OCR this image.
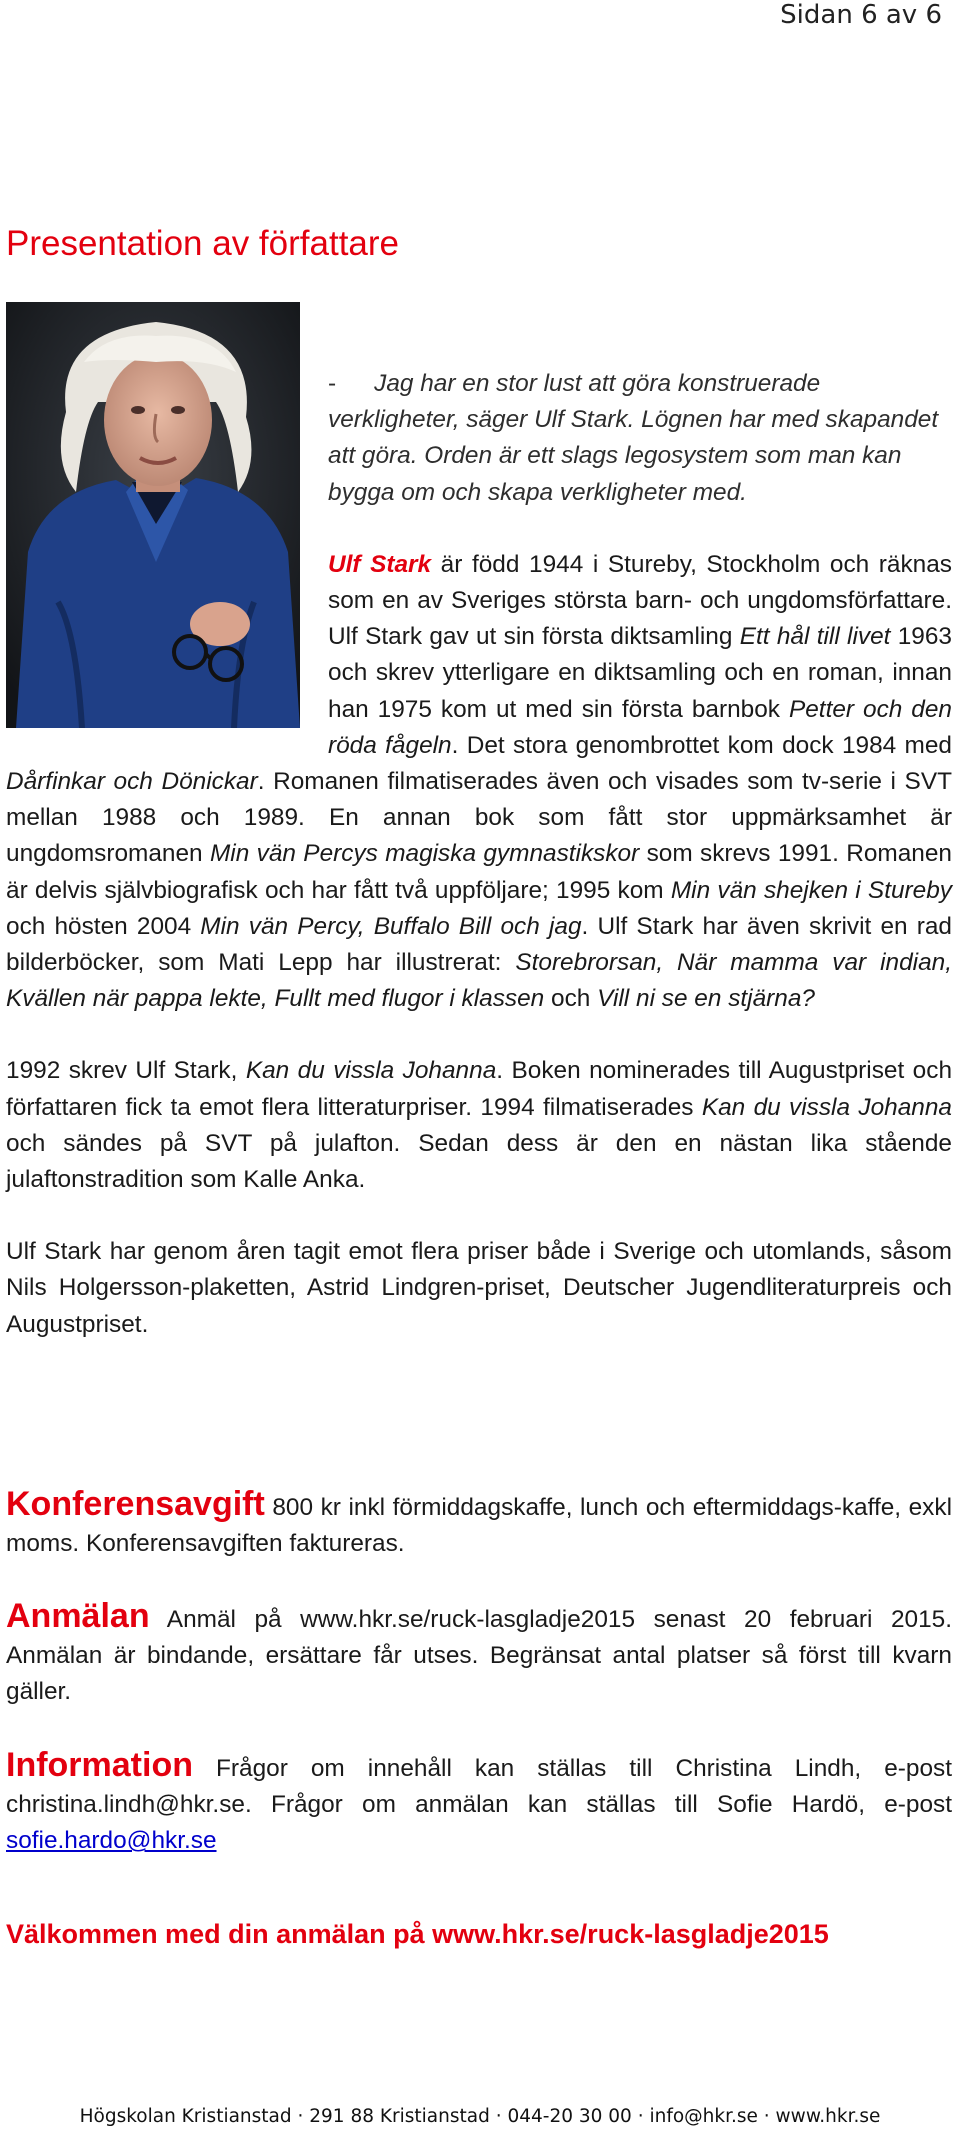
Sidan 6 av 6
Presentation av författare
- Jag har en stor lust att göra konstruerade verkligheter, säger Ulf Stark. Lögnen har med skapandet att göra. Orden är ett slags legosystem som man kan bygga om och skapa verkligheter med.

Ulf Stark är född 1944 i Stureby, Stockholm och räknas som en av Sveriges största barn- och ungdomsförfattare. Ulf Stark gav ut sin första diktsamling Ett hål till livet 1963 och skrev ytterligare en diktsamling och en roman, innan han 1975 kom ut med sin första barnbok Petter och den röda fågeln. Det stora genombrottet kom dock 1984 med Dårfinkar och Dönickar. Romanen filmatiserades även och visades som tv-serie i SVT mellan 1988 och 1989. En annan bok som fått stor uppmärksamhet är ungdomsromanen Min vän Percys magiska gymnastikskor som skrevs 1991. Romanen är delvis självbiografisk och har fått två uppföljare; 1995 kom Min vän shejken i Stureby och hösten 2004 Min vän Percy, Buffalo Bill och jag. Ulf Stark har även skrivit en rad bilderböcker, som Mati Lepp har illustrerat: Storebrorsan, När mamma var indian, Kvällen när pappa lekte, Fullt med flugor i klassen och Vill ni se en stjärna?

1992 skrev Ulf Stark, Kan du vissla Johanna. Boken nominerades till Augustpriset och författaren fick ta emot flera litteraturpriser. 1994 filmatiserades Kan du vissla Johanna och sändes på SVT på julafton. Sedan dess är den en nästan lika stående julaftonstradition som Kalle Anka.

Ulf Stark har genom åren tagit emot flera priser både i Sverige och utomlands, såsom Nils Holgersson-plaketten, Astrid Lindgren-priset, Deutscher Jugendliteraturpreis och Augustpriset.

Konferensavgift 800 kr inkl förmiddagskaffe, lunch och eftermiddags-kaffe, exkl moms. Konferensavgiften faktureras.
Anmälan Anmäl på www.hkr.se/ruck-lasgladje2015 senast 20 februari 2015. Anmälan är bindande, ersättare får utses. Begränsat antal platser så först till kvarn gäller.
Information Frågor om innehåll kan ställas till Christina Lindh, e-post christina.lindh@hkr.se. Frågor om anmälan kan ställas till Sofie Hardö, e-post sofie.hardo@hkr.se
Välkommen med din anmälan på www.hkr.se/ruck-lasgladje2015
Högskolan Kristianstad · 291 88 Kristianstad · 044-20 30 00 · info@hkr.se · www.hkr.se
